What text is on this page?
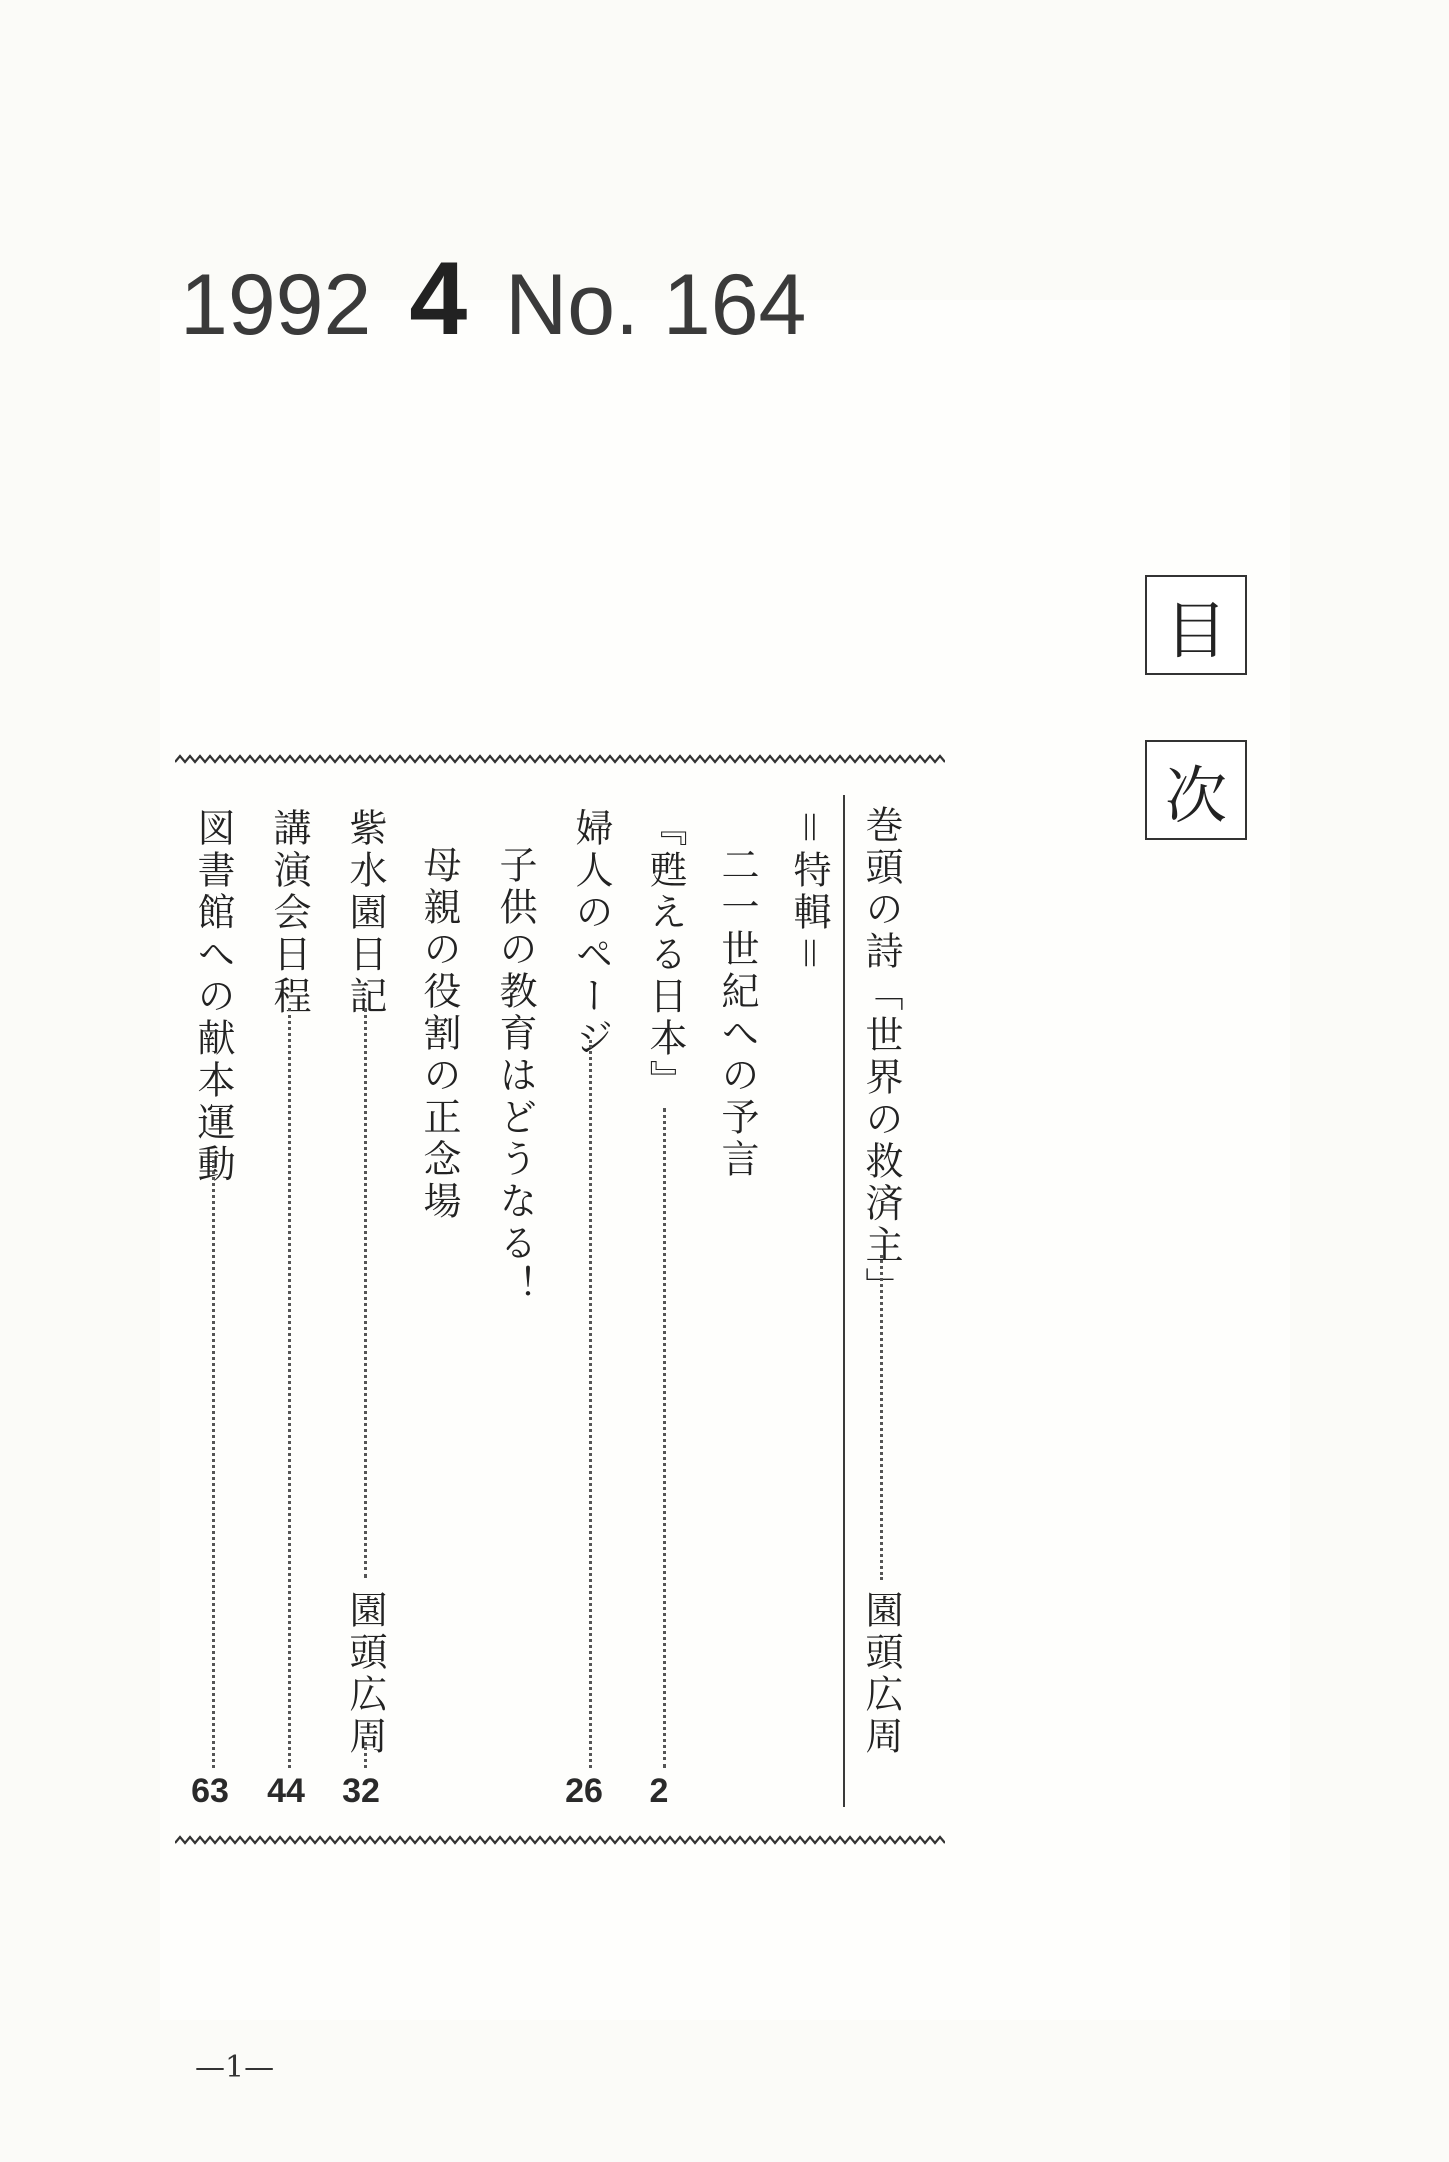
1992 4 No. 164
目
次
巻頭の詩「世界の救済主」
園頭広周
＝特輯＝
二一世紀への予言
『甦える日本』
2
婦人のページ
26
子供の教育はどうなる！
母親の役割の正念場
紫水園日記
園頭広周
32
講演会日程
44
図書館への献本運動
63
—1—
